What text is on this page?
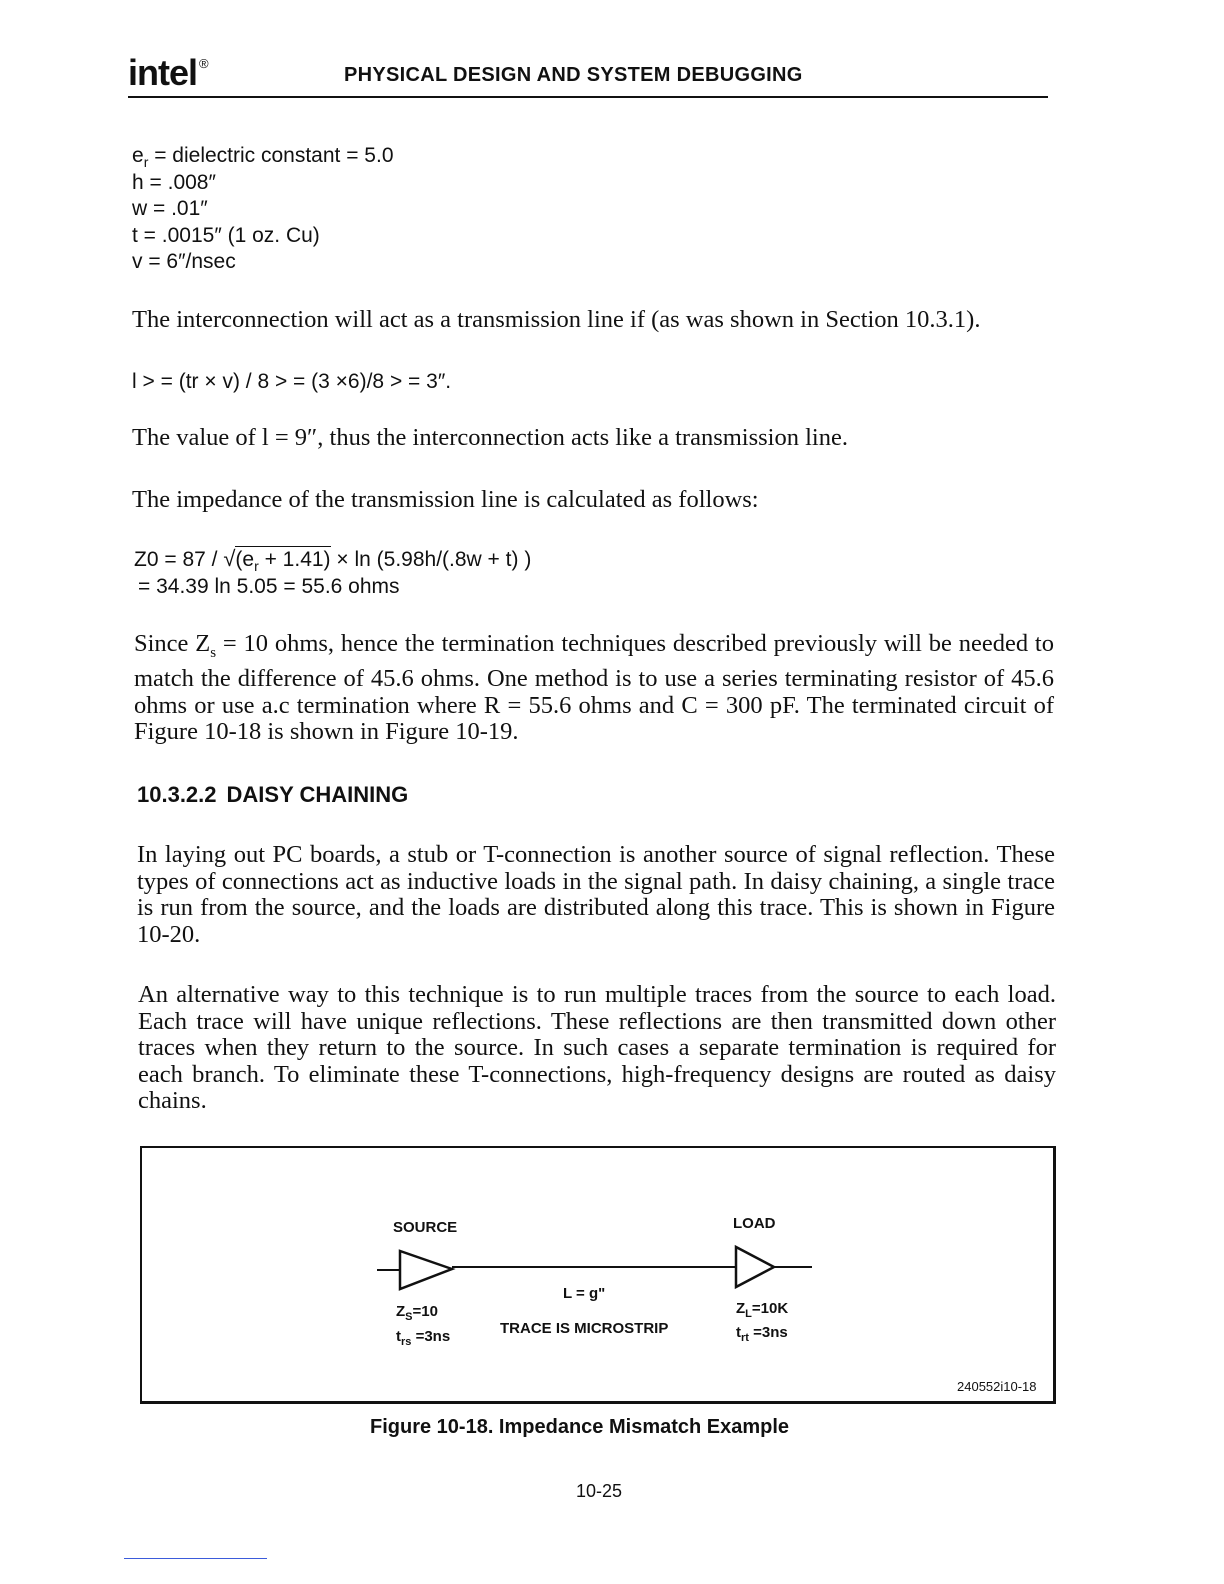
intel ®
PHYSICAL DESIGN AND SYSTEM DEBUGGING
$e_r$ = dielectric constant = 5.0
h = .008″
w = .01″
t = .0015″ (1 oz. Cu)
v = 6″/nsec
The interconnection will act as a transmission line if (as was shown in Section 10.3.1).
l > = (tr × v) / 8 > = (3 ×6)/8 > = 3″.
The value of l = 9″, thus the interconnection acts like a transmission line.
The impedance of the transmission line is calculated as follows:
$Z0 = 87 / √(e_r + 1.41) \times \ln (5.98h/(.8w + t)$ )
= 34.39 ln 5.05 = 55.6 ohms
Since $Z_s = 10$ ohms, hence the termination techniques described previously will be needed to match the difference of 45.6 ohms. One method is to use a series terminating resistor of 45.6 ohms or use a.c termination where R = 55.6 ohms and C = 300 pF. The terminated circuit of Figure 10-18 is shown in Figure 10-19.
10.3.2.2 DAISY CHAINING
In laying out PC boards, a stub or T-connection is another source of signal reflection. These types of connections act as inductive loads in the signal path. In daisy chaining, a single trace is run from the source, and the loads are distributed along this trace. This is shown in Figure 10-20.
An alternative way to this technique is to run multiple traces from the source to each load. Each trace will have unique reflections. These reflections are then transmitted down other traces when they return to the source. In such cases a separate termination is required for each branch. To eliminate these T-connections, high-frequency designs are routed as daisy chains.
SOURCE	LOAD
L = g"
TRACE IS MICROSTRIP
$Z_S=10$
$t_{rs} =3ns$
$Z_L=10K$
$t_{rt} =3ns$
240552i10-18
Figure 10-18. Impedance Mismatch Example
10-25
